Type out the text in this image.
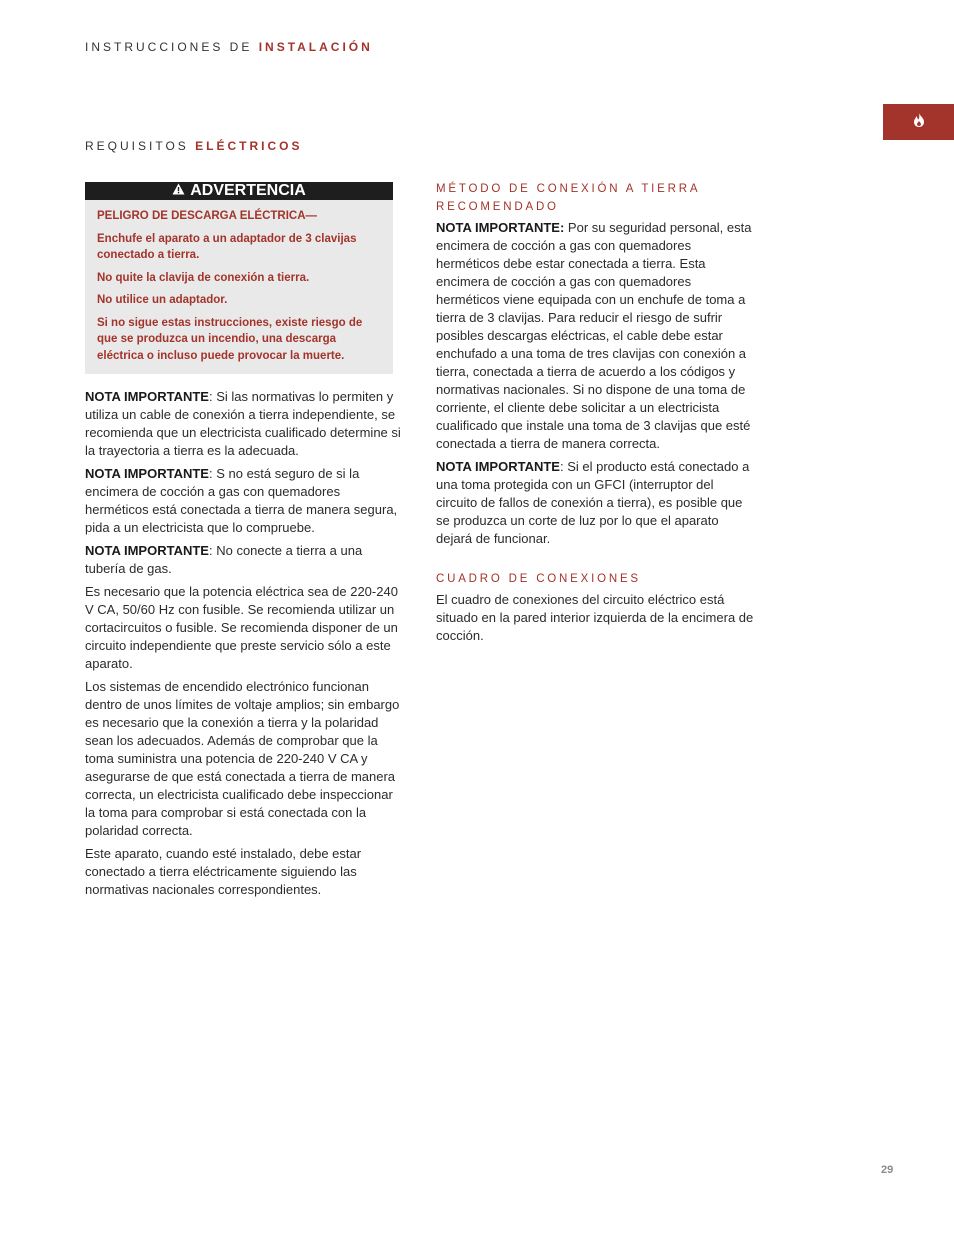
INSTRUCCIONES DE INSTALACIÓN
REQUISITOS ELÉCTRICOS
ADVERTENCIA

PELIGRO DE DESCARGA ELÉCTRICA—

Enchufe el aparato a un adaptador de 3 clavijas conectado a tierra.

No quite la clavija de conexión a tierra.

No utilice un adaptador.

Si no sigue estas instrucciones, existe riesgo de que se produzca un incendio, una descarga eléctrica o incluso puede provocar la muerte.

NOTA IMPORTANTE: Si las normativas lo permiten y utiliza un cable de conexión a tierra independiente, se recomienda que un electricista cualificado determine si la trayectoria a tierra es la adecuada.

NOTA IMPORTANTE: S no está seguro de si la encimera de cocción a gas con quemadores herméticos está conectada a tierra de manera segura, pida a un electricista que lo compruebe.

NOTA IMPORTANTE: No conecte a tierra a una tubería de gas.

Es necesario que la potencia eléctrica sea de 220-240 V CA, 50/60 Hz con fusible. Se recomienda utilizar un cortacircuitos o fusible. Se recomienda disponer de un circuito independiente que preste servicio sólo a este aparato.

Los sistemas de encendido electrónico funcionan dentro de unos límites de voltaje amplios; sin embargo es necesario que la conexión a tierra y la polaridad sean los adecuados. Además de comprobar que la toma suministra una potencia de 220-240 V CA y asegurarse de que está conectada a tierra de manera correcta, un electricista cualificado debe inspeccionar la toma para comprobar si está conectada con la polaridad correcta.

Este aparato, cuando esté instalado, debe estar conectado a tierra eléctricamente siguiendo las normativas nacionales correspondientes.

MÉTODO DE CONEXIÓN A TIERRA RECOMENDADO

NOTA IMPORTANTE: Por su seguridad personal, esta encimera de cocción a gas con quemadores herméticos debe estar conectada a tierra. Esta encimera de cocción a gas con quemadores herméticos viene equipada con un enchufe de toma a tierra de 3 clavijas. Para reducir el riesgo de sufrir posibles descargas eléctricas, el cable debe estar enchufado a una toma de tres clavijas con conexión a tierra, conectada a tierra de acuerdo a los códigos y normativas nacionales. Si no dispone de una toma de corriente, el cliente debe solicitar a un electricista cualificado que instale una toma de 3 clavijas que esté conectada a tierra de manera correcta.

NOTA IMPORTANTE: Si el producto está conectado a una toma protegida con un GFCI (interruptor del circuito de fallos de conexión a tierra), es posible que se produzca un corte de luz por lo que el aparato dejará de funcionar.

CUADRO DE CONEXIONES

El cuadro de conexiones del circuito eléctrico está situado en la pared interior izquierda de la encimera de cocción.

29
